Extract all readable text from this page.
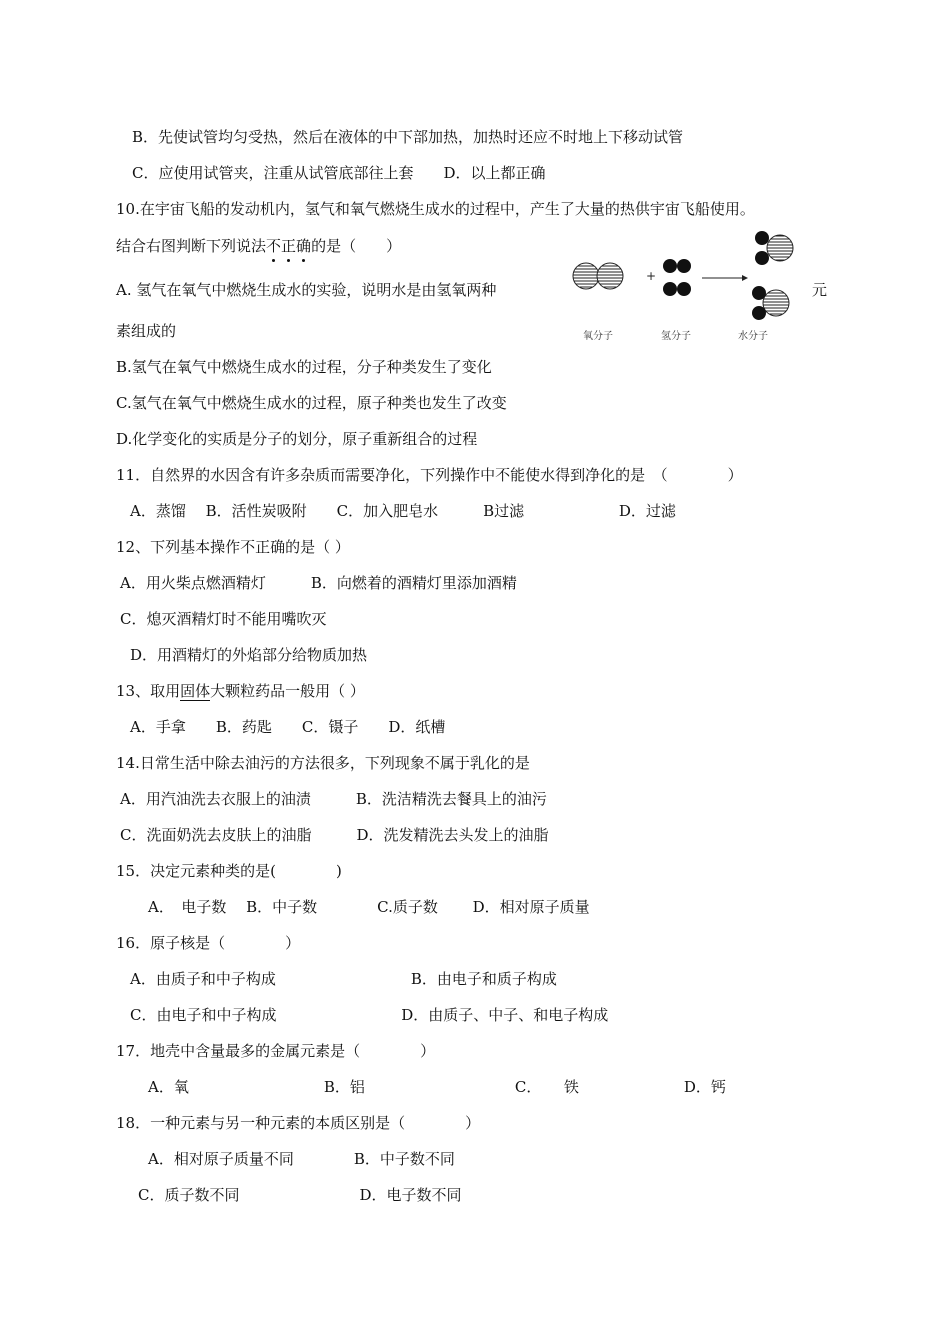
B．先使试管均匀受热，然后在液体的中下部加热，加热时还应不时地上下移动试管
C．应使用试管夹，注重从试管底部往上套　　D．以上都正确
10.在宇宙飞船的发动机内，氢气和氧气燃烧生成水的过程中，产生了大量的热供宇宙飞船使用。
结合右图判断下列说法不正确的是（　　）
A. 氢气在氧气中燃烧生成水的实验，说明水是由氢氧两种	元
素组成的
B.氢气在氧气中燃烧生成水的过程，分子种类发生了变化
C.氢气在氧气中燃烧生成水的过程，原子种类也发生了改变
D.化学变化的实质是分子的划分，原子重新组合的过程
+
氧分子	氢分子	水分子
11．自然界的水因含有许多杂质而需要净化，下列操作中不能使水得到净化的是　（　　　　）
A．蒸馏　 B．活性炭吸附　　C．加入肥皂水　　　B过滤　　　　　　 D．过滤
12、下列基本操作不正确的是（ ）
A．用火柴点燃酒精灯　　　B．向燃着的酒精灯里添加酒精
C．熄灭酒精灯时不能用嘴吹灭
D．用酒精灯的外焰部分给物质加热
13、取用固体大颗粒药品一般用（ ）
A．手拿　　B．药匙　　C．镊子　　D．纸槽
14.日常生活中除去油污的方法很多，下列现象不属于乳化的是
A．用汽油洗去衣服上的油渍　　　B．洗洁精洗去餐具上的油污
C．洗面奶洗去皮肤上的油脂　　　D．洗发精洗去头发上的油脂
15．决定元素种类的是(　　　　)
A．　电子数　 B．中子数　　　　C.质子数　　 D．相对原子质量
16．原子核是（　　　　）
A．由质子和中子构成　　　　　　　　　B．由电子和质子构成
C．由电子和中子构成　　　　　　　　 D．由质子、中子、和电子构成
17．地壳中含量最多的金属元素是（　　　　）
A．氧　　　　　　　　　B．铝　　　　　　　　　　C．　　铁　　　　　　　D．钙
18．一种元素与另一种元素的本质区别是（　　　　）
A．相对原子质量不同　　　　B．中子数不同
C．质子数不同　　　　　　　　D．电子数不同
